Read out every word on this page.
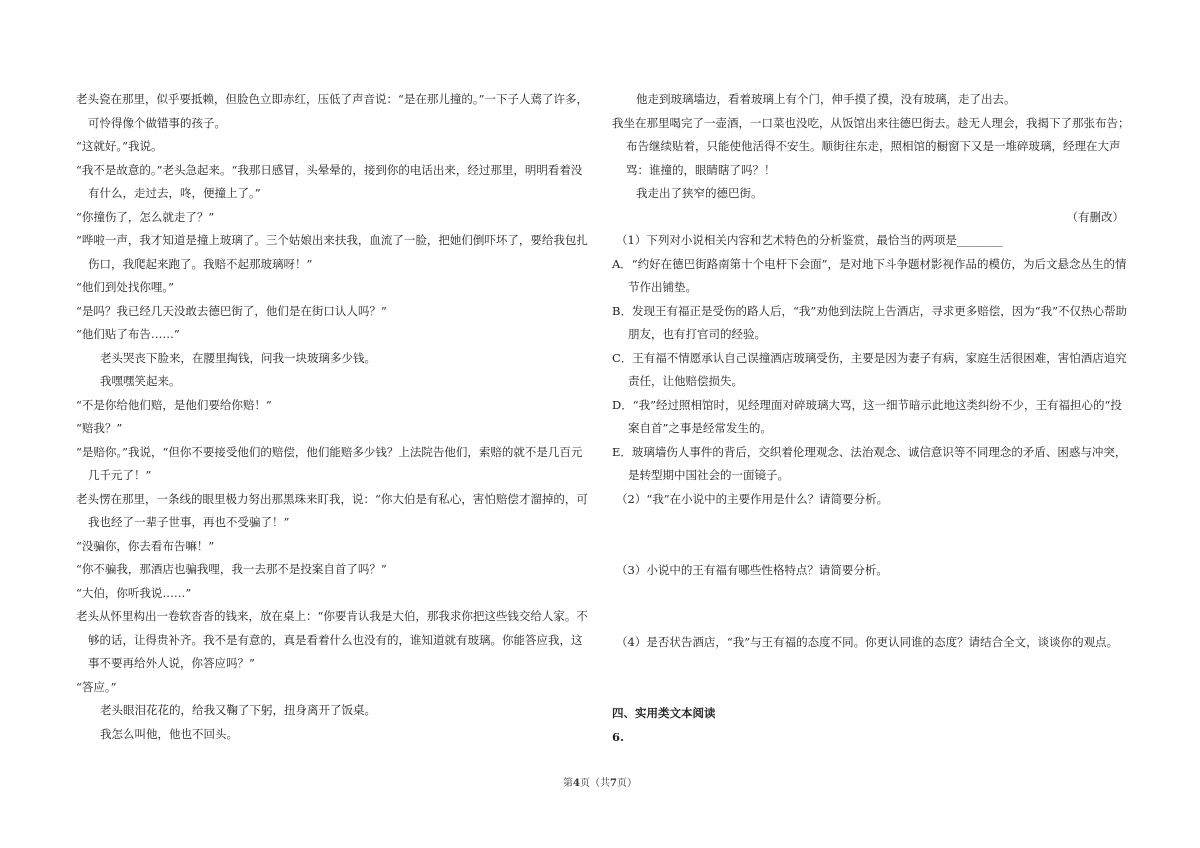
老头瓷在那里，似乎要抵赖，但脸色立即赤红，压低了声音说：“是在那儿撞的。”一下子人蔫了许多，可怜得像个做错事的孩子。

“这就好。”我说。

“我不是故意的。”老头急起来。“我那日感冒，头晕晕的，接到你的电话出来，经过那里，明明看着没有什么，走过去，咚，便撞上了。”

“你撞伤了，怎么就走了？”

“哗啦一声，我才知道是撞上玻璃了。三个姑娘出来扶我，血流了一脸，把她们倒吓坏了，要给我包扎伤口，我爬起来跑了。我赔不起那玻璃呀！”

“他们到处找你哩。”

“是吗？我已经几天没敢去德巴街了，他们是在街口认人吗？”

“他们贴了布告……”

老头哭丧下脸来，在腰里掏钱，问我一块玻璃多少钱。

我嘿嘿笑起来。

“不是你给他们赔，是他们要给你赔！”

“赔我？”

“是赔你。”我说，“但你不要接受他们的赔偿，他们能赔多少钱？上法院告他们，索赔的就不是几百元几千元了！”

老头愣在那里，一条线的眼里极力努出那黑珠来盯我，说：“你大伯是有私心，害怕赔偿才溜掉的，可我也经了一辈子世事，再也不受骗了！”

“没骗你，你去看布告嘛！”

“你不骗我，那酒店也骗我哩，我一去那不是投案自首了吗？”

“大伯，你听我说……”

老头从怀里构出一卷软沓沓的钱来，放在桌上：“你要肯认我是大伯，那我求你把这些钱交给人家。不够的话，让得贵补齐。我不是有意的，真是看着什么也没有的，谁知道就有玻璃。你能答应我，这事不要再给外人说，你答应吗？”

“答应。”

老头眼泪花花的，给我又鞠了下躬，扭身离开了饭桌。

我怎么叫他，他也不回头。

他走到玻璃墙边，看着玻璃上有个门，伸手摸了摸，没有玻璃，走了出去。

我坐在那里喝完了一壶酒，一口菜也没吃，从饭馆出来往德巴街去。趁无人理会，我揭下了那张布告；布告继续贴着，只能使他活得不安生。顺街往东走，照相馆的橱窗下又是一堆碎玻璃，经理在大声骂：谁撞的，眼睛瞎了吗？！

我走出了狭窄的德巴街。

（有删改）

（1）下列对小说相关内容和艺术特色的分析鉴赏，最恰当的两项是________

A．“约好在德巴街路南第十个电杆下会面”，是对地下斗争题材影视作品的模仿，为后文悬念丛生的情节作出铺垫。

B．发现王有福正是受伤的路人后，“我”劝他到法院上告酒店，寻求更多赔偿，因为“我”不仅热心帮助朋友，也有打官司的经验。

C．王有福不情愿承认自己误撞酒店玻璃受伤，主要是因为妻子有病，家庭生活很困难，害怕酒店追究责任，让他赔偿损失。

D．“我”经过照相馆时，见经理面对碎玻璃大骂，这一细节暗示此地这类纠纷不少，王有福担心的“投案自首”之事是经常发生的。

E．玻璃墙伤人事件的背后，交织着伦理观念、法治观念、诚信意识等不同理念的矛盾、困惑与冲突，是转型期中国社会的一面镜子。

（2）“我”在小说中的主要作用是什么？请简要分析。

（3）小说中的王有福有哪些性格特点？请简要分析。

（4）是否状告酒店，“我”与王有福的态度不同。你更认同谁的态度？请结合全文，谈谈你的观点。

四、实用类文本阅读

6.

第4页（共7页）
